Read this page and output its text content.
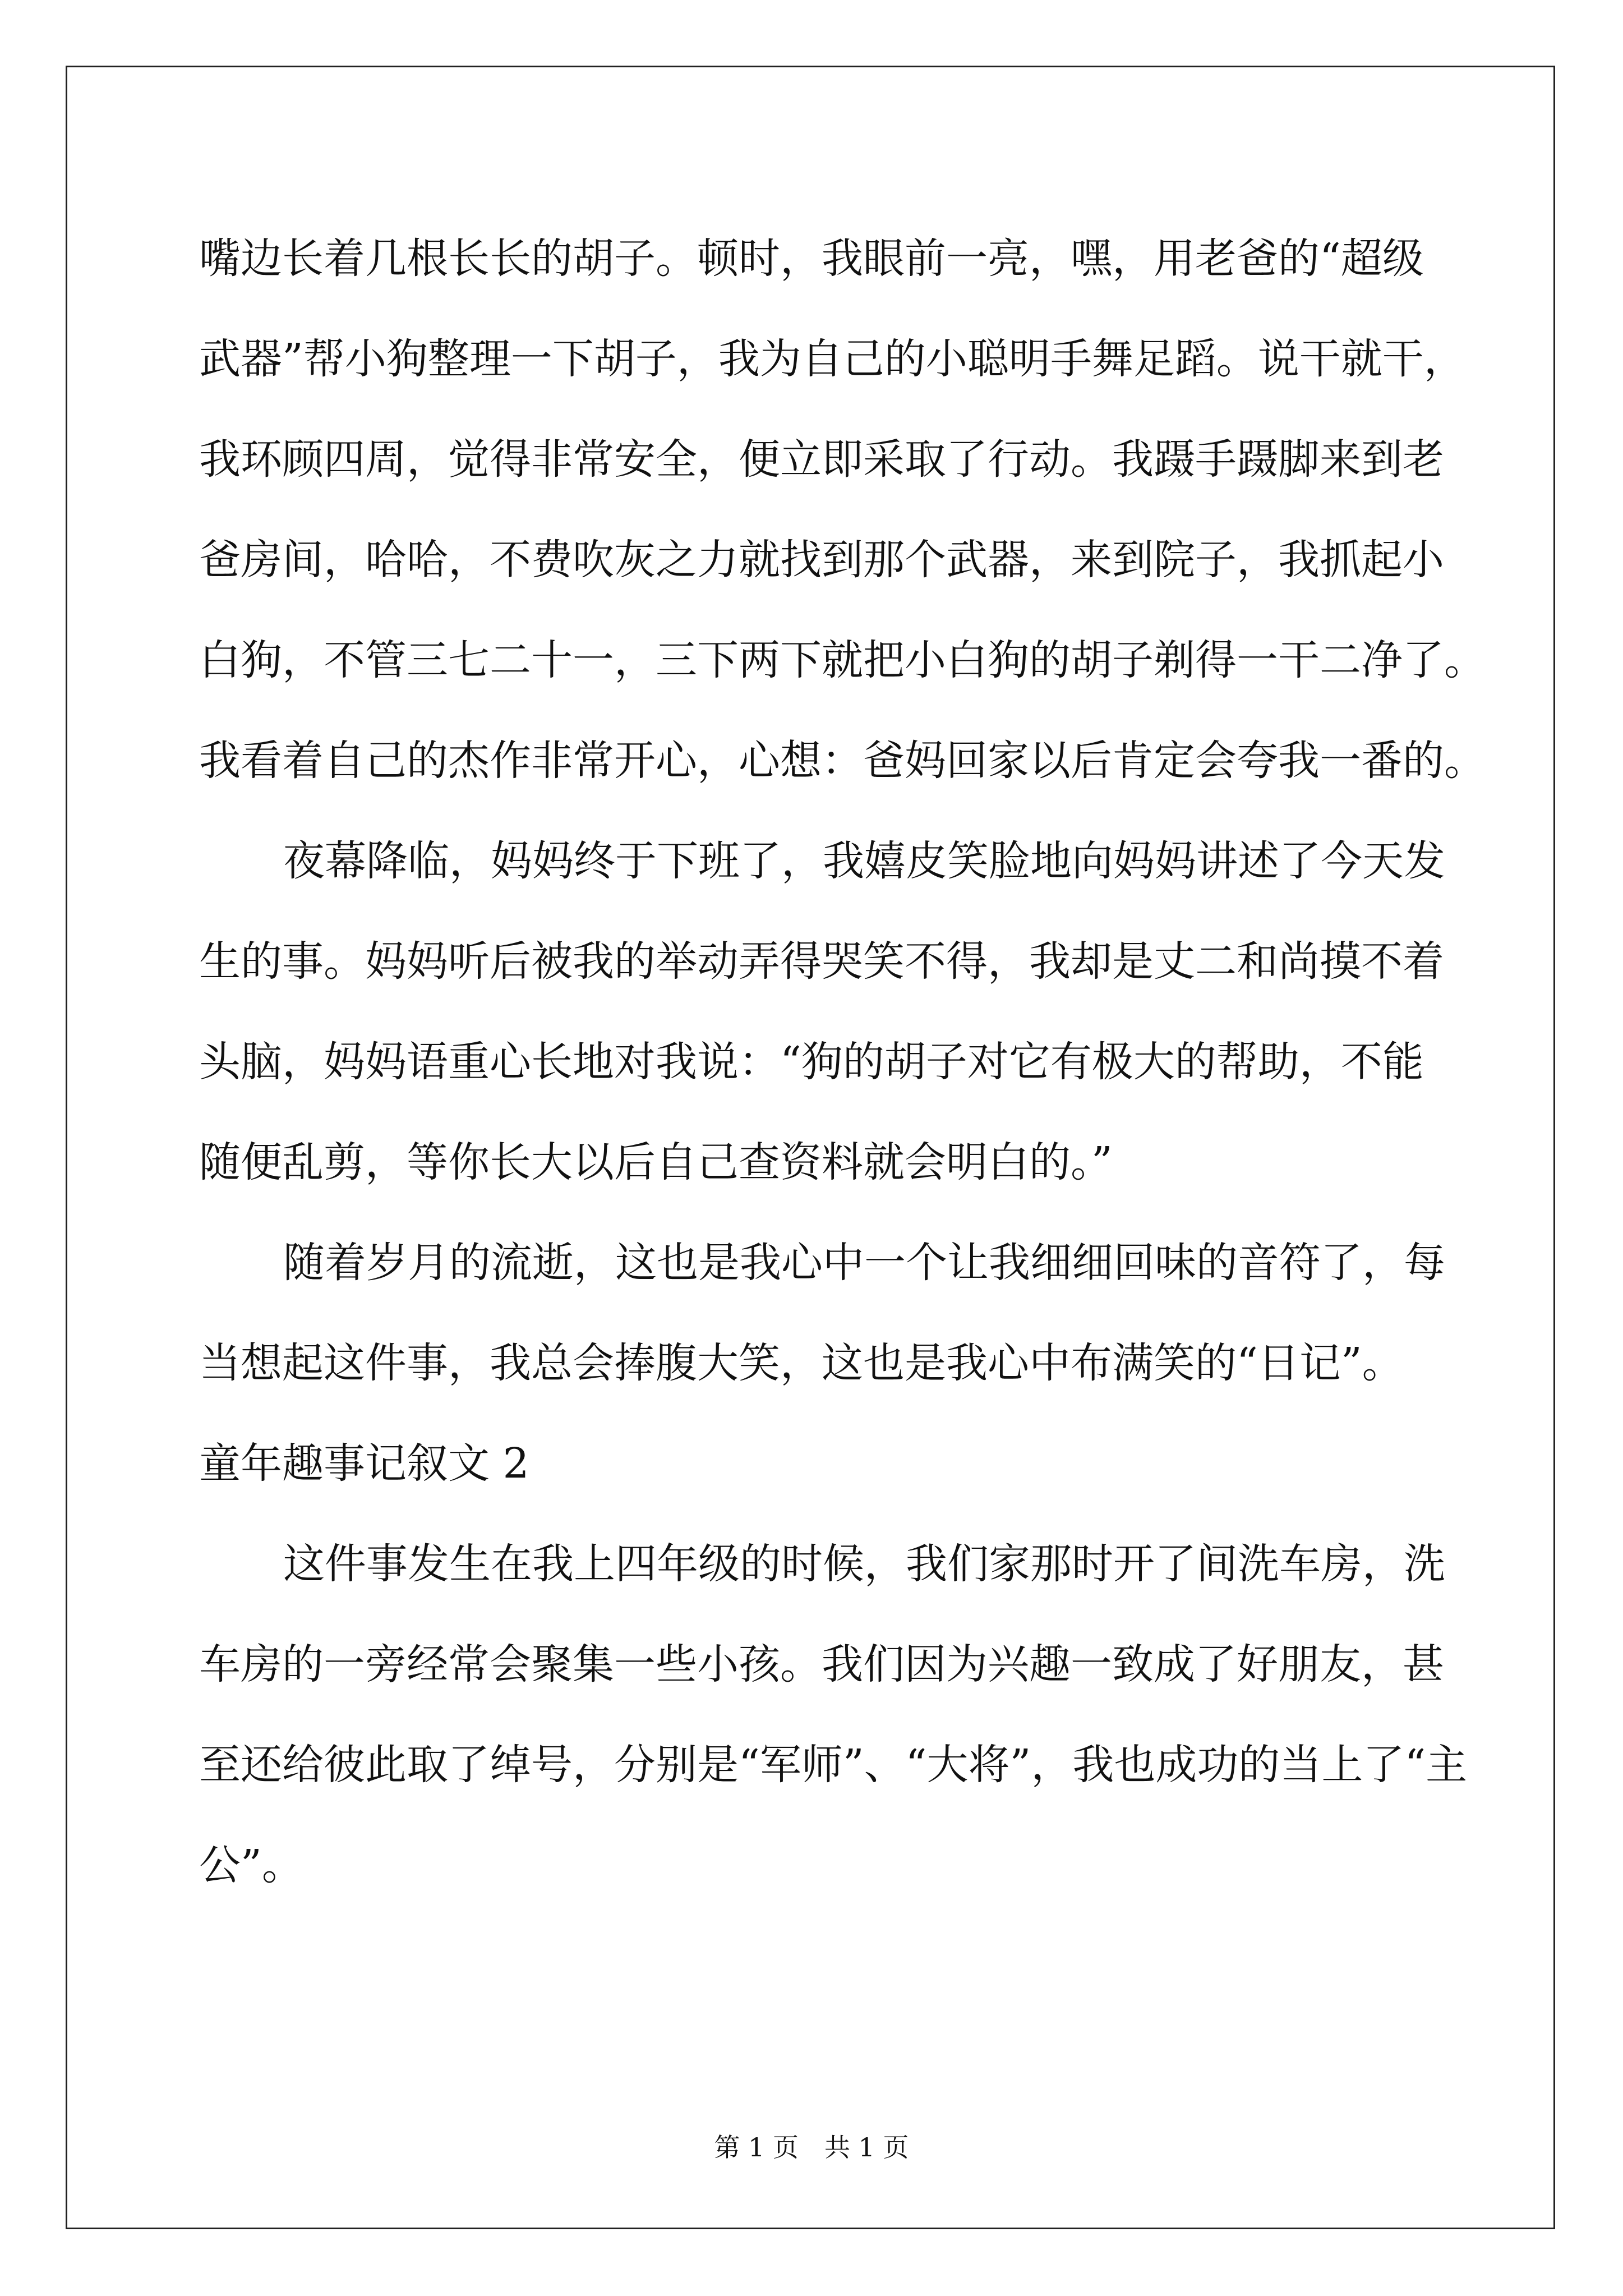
嘴边长着几根长长的胡子。顿时，我眼前一亮，嘿，用老爸的“超级
武器”帮小狗整理一下胡子，我为自己的小聪明手舞足蹈。说干就干，
我环顾四周，觉得非常安全，便立即采取了行动。我蹑手蹑脚来到老
爸房间，哈哈，不费吹灰之力就找到那个武器，来到院子，我抓起小
白狗，不管三七二十一，三下两下就把小白狗的胡子剃得一干二净了。
我看着自己的杰作非常开心，心想：爸妈回家以后肯定会夸我一番的。
夜幕降临，妈妈终于下班了，我嬉皮笑脸地向妈妈讲述了今天发
生的事。妈妈听后被我的举动弄得哭笑不得，我却是丈二和尚摸不着
头脑，妈妈语重心长地对我说：“狗的胡子对它有极大的帮助，不能
随便乱剪，等你长大以后自己查资料就会明白的。”
随着岁月的流逝，这也是我心中一个让我细细回味的音符了，每
当想起这件事，我总会捧腹大笑，这也是我心中布满笑的“日记”。
童年趣事记叙文 2
这件事发生在我上四年级的时候，我们家那时开了间洗车房，洗
车房的一旁经常会聚集一些小孩。我们因为兴趣一致成了好朋友，甚
至还给彼此取了绰号，分别是“军师”、“大将”，我也成功的当上了“主
公”。
第 1 页　共 1 页
